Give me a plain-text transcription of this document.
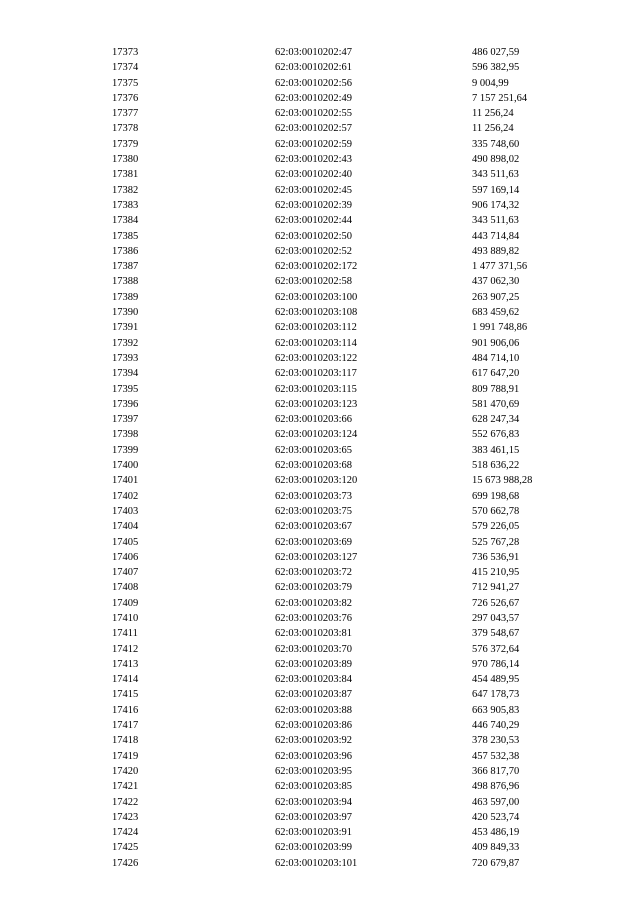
17373	62:03:0010202:47	486 027,59
17374	62:03:0010202:61	596 382,95
17375	62:03:0010202:56	9 004,99
17376	62:03:0010202:49	7 157 251,64
17377	62:03:0010202:55	11 256,24
17378	62:03:0010202:57	11 256,24
17379	62:03:0010202:59	335 748,60
17380	62:03:0010202:43	490 898,02
17381	62:03:0010202:40	343 511,63
17382	62:03:0010202:45	597 169,14
17383	62:03:0010202:39	906 174,32
17384	62:03:0010202:44	343 511,63
17385	62:03:0010202:50	443 714,84
17386	62:03:0010202:52	493 889,82
17387	62:03:0010202:172	1 477 371,56
17388	62:03:0010202:58	437 062,30
17389	62:03:0010203:100	263 907,25
17390	62:03:0010203:108	683 459,62
17391	62:03:0010203:112	1 991 748,86
17392	62:03:0010203:114	901 906,06
17393	62:03:0010203:122	484 714,10
17394	62:03:0010203:117	617 647,20
17395	62:03:0010203:115	809 788,91
17396	62:03:0010203:123	581 470,69
17397	62:03:0010203:66	628 247,34
17398	62:03:0010203:124	552 676,83
17399	62:03:0010203:65	383 461,15
17400	62:03:0010203:68	518 636,22
17401	62:03:0010203:120	15 673 988,28
17402	62:03:0010203:73	699 198,68
17403	62:03:0010203:75	570 662,78
17404	62:03:0010203:67	579 226,05
17405	62:03:0010203:69	525 767,28
17406	62:03:0010203:127	736 536,91
17407	62:03:0010203:72	415 210,95
17408	62:03:0010203:79	712 941,27
17409	62:03:0010203:82	726 526,67
17410	62:03:0010203:76	297 043,57
17411	62:03:0010203:81	379 548,67
17412	62:03:0010203:70	576 372,64
17413	62:03:0010203:89	970 786,14
17414	62:03:0010203:84	454 489,95
17415	62:03:0010203:87	647 178,73
17416	62:03:0010203:88	663 905,83
17417	62:03:0010203:86	446 740,29
17418	62:03:0010203:92	378 230,53
17419	62:03:0010203:96	457 532,38
17420	62:03:0010203:95	366 817,70
17421	62:03:0010203:85	498 876,96
17422	62:03:0010203:94	463 597,00
17423	62:03:0010203:97	420 523,74
17424	62:03:0010203:91	453 486,19
17425	62:03:0010203:99	409 849,33
17426	62:03:0010203:101	720 679,87
